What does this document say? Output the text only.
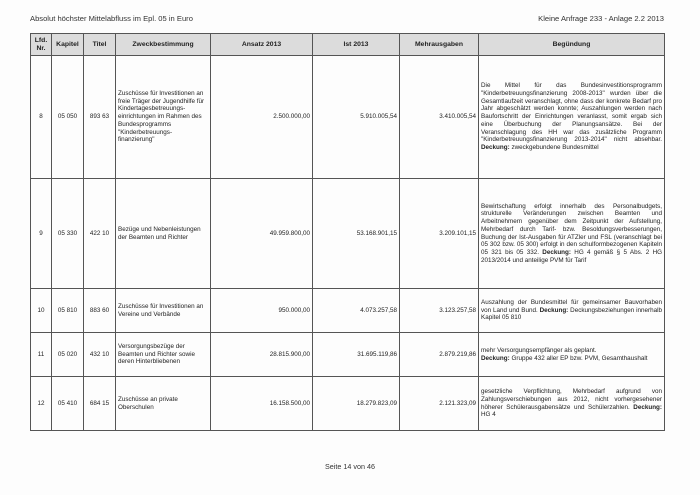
Absolut höchster Mittelabfluss im Epl. 05 in Euro	Kleine Anfrage 233 - Anlage 2.2 2013
Lfd.
Nr.	Kapitel	Titel	Zweckbestimmung	Ansatz 2013	Ist 2013	Mehrausgaben	Begündung
8	05 050	893 63	Zuschüsse für Investitionen an freie Träger der Jugendhilfe für Kindertagesbetreuungs-einrichtungen im Rahmen des Bundesprogramms "Kinderbetreuungs-finanzierung"	2.500.000,00	5.910.005,54	3.410.005,54	Die Mittel für das Bundesinvestitionsprogramm "Kinderbetreuungsfinanzierung 2008-2013" wurden über die Gesamtlaufzeit veranschlagt, ohne dass der konkrete Bedarf pro Jahr abgeschätzt werden konnte; Auszahlungen werden nach Baufortschritt der Einrichtungen veranlasst, somit ergab sich eine Überbuchung der Planungsansätze. Bei der Veranschlagung des HH war das zusätzliche Programm "Kinderbetreuungsfinanzierung 2013-2014" nicht absehbar. Deckung: zweckgebundene Bundesmittel
9	05 330	422 10	Bezüge und Nebenleistungen der Beamten und Richter	49.959.800,00	53.168.901,15	3.209.101,15	Bewirtschaftung erfolgt innerhalb des Personalbudgets, strukturelle Veränderungen zwischen Beamten und Arbeitnehmern gegenüber dem Zeitpunkt der Aufstellung, Mehrbedarf durch Tarif- bzw. Besoldungsverbesserungen, Buchung der Ist-Ausgaben für ATZler und FSL (veranschlagt bei 05 302 bzw. 05 300) erfolgt in den schulformbezogenen Kapiteln 05 321 bis 05 332. Deckung: HG 4 gemäß § 5 Abs. 2 HG 2013/2014 und anteilige PVM für Tarif
10	05 810	883 60	Zuschüsse für Investitionen an Vereine und Verbände	950.000,00	4.073.257,58	3.123.257,58	Auszahlung der Bundesmittel für gemeinsamer Bauvorhaben von Land und Bund. Deckung: Deckungsbeziehungen innerhalb Kapitel 05 810
11	05 020	432 10	Versorgungsbezüge der Beamten und Richter sowie deren Hinterbliebenen	28.815.900,00	31.695.119,86	2.879.219,86	mehr Versorgungsempfänger als geplant.
Deckung: Gruppe 432 aller EP bzw. PVM, Gesamthaushalt
12	05 410	684 15	Zuschüsse an private Oberschulen	16.158.500,00	18.279.823,09	2.121.323,09	gesetzliche Verpflichtung, Mehrbedarf aufgrund von Zahlungsverschiebungen aus 2012, nicht vorhergesehener höherer Schülerausgabensätze und Schülerzahlen. Deckung: HG 4
Seite 14 von 46
